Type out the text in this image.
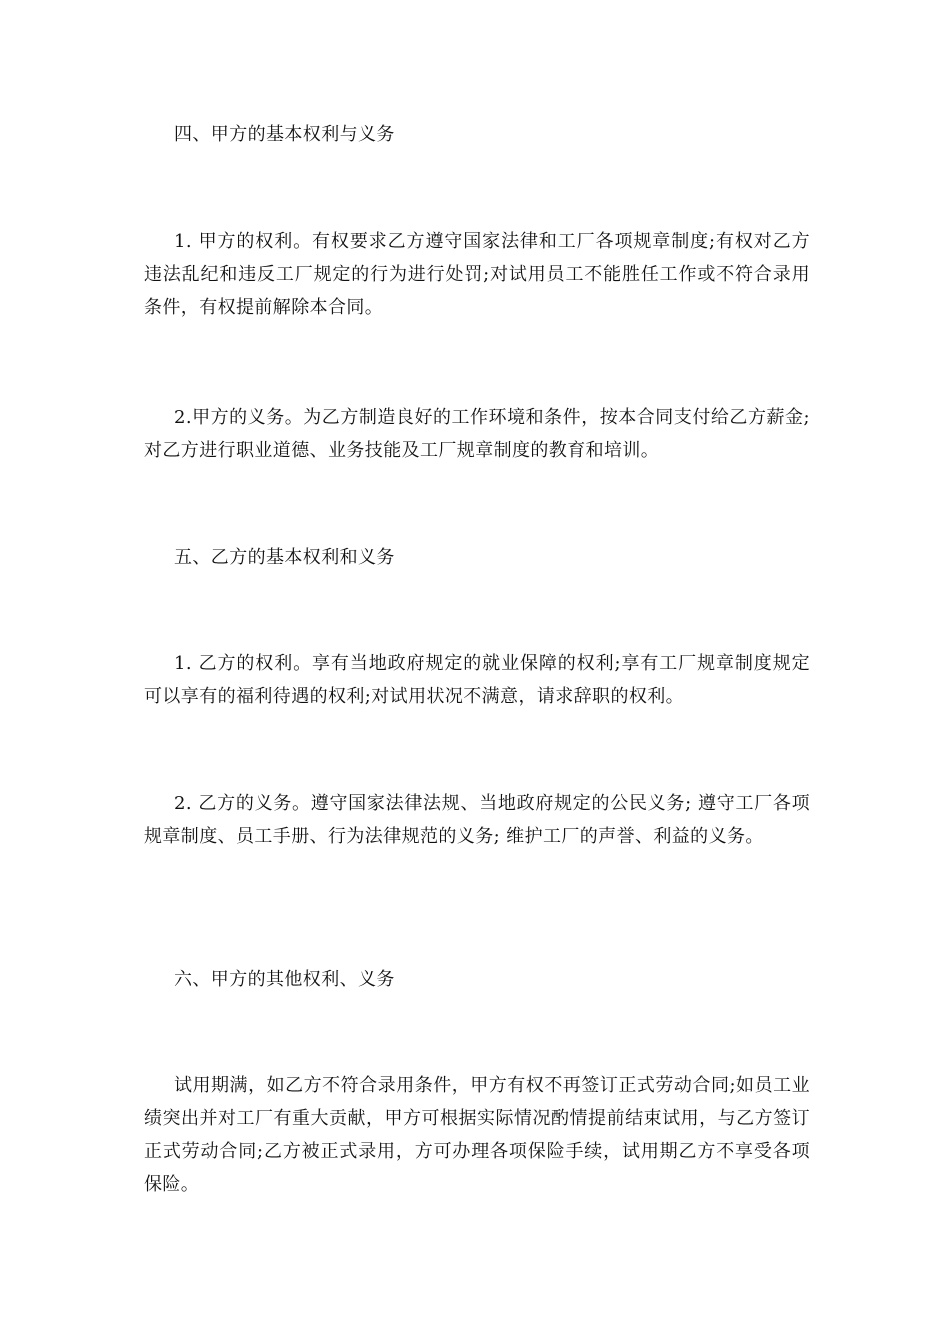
四、甲方的基本权利与义务
1. 甲方的权利。有权要求乙方遵守国家法律和工厂各项规章制度;有权对乙方违法乱纪和违反工厂规定的行为进行处罚;对试用员工不能胜任工作或不符合录用条件，有权提前解除本合同。
2.甲方的义务。为乙方制造良好的工作环境和条件，按本合同支付给乙方薪金;对乙方进行职业道德、业务技能及工厂规章制度的教育和培训。
五、乙方的基本权利和义务
1. 乙方的权利。享有当地政府规定的就业保障的权利;享有工厂规章制度规定可以享有的福利待遇的权利;对试用状况不满意，请求辞职的权利。
2. 乙方的义务。遵守国家法律法规、当地政府规定的公民义务; 遵守工厂各项规章制度、员工手册、行为法律规范的义务; 维护工厂的声誉、利益的义务。
六、甲方的其他权利、义务
试用期满，如乙方不符合录用条件，甲方有权不再签订正式劳动合同;如员工业绩突出并对工厂有重大贡献，甲方可根据实际情况酌情提前结束试用，与乙方签订正式劳动合同;乙方被正式录用，方可办理各项保险手续，试用期乙方不享受各项保险。
